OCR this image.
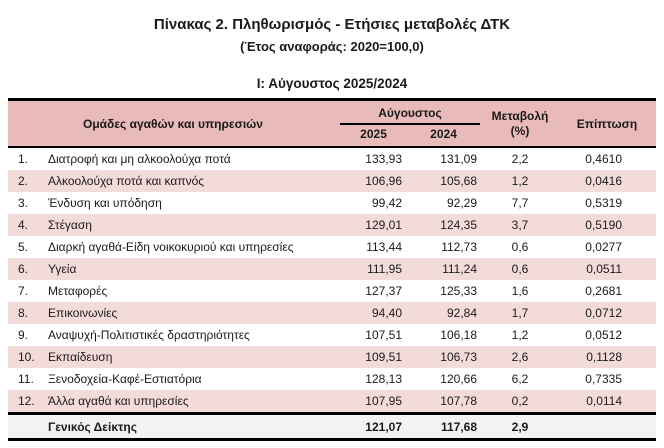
Πίνακας 2. Πληθωρισμός - Ετήσιες μεταβολές ΔΤΚ
(Έτος αναφοράς: 2020=100,0)
Ι: Αύγουστος 2025/2024
Ομάδες αγαθών και υπηρεσιών
Αύγουστος
2025	2024
Μεταβολή
(%)	Επίπτωση
1.	Διατροφή και μη αλκοολούχα ποτά	133,93	131,09	2,2	0,4610
2.	Αλκοολούχα ποτά και καπνός	106,96	105,68	1,2	0,0416
3.	Ένδυση και υπόδηση	99,42	92,29	7,7	0,5319
4.	Στέγαση	129,01	124,35	3,7	0,5190
5.	Διαρκή αγαθά-Είδη νοικοκυριού και υπηρεσίες	113,44	112,73	0,6	0,0277
6.	Υγεία	111,95	111,24	0,6	0,0511
7.	Μεταφορές	127,37	125,33	1,6	0,2681
8.	Επικοινωνίες	94,40	92,84	1,7	0,0712
9.	Αναψυχή-Πολιτιστικές δραστηριότητες	107,51	106,18	1,2	0,0512
10.	Εκπαίδευση	109,51	106,73	2,6	0,1128
11.	Ξενοδοχεία-Καφέ-Εστιατόρια	128,13	120,66	6,2	0,7335
12.	Άλλα αγαθά και υπηρεσίες	107,95	107,78	0,2	0,0114
Γενικός Δείκτης	121,07	117,68	2,9
